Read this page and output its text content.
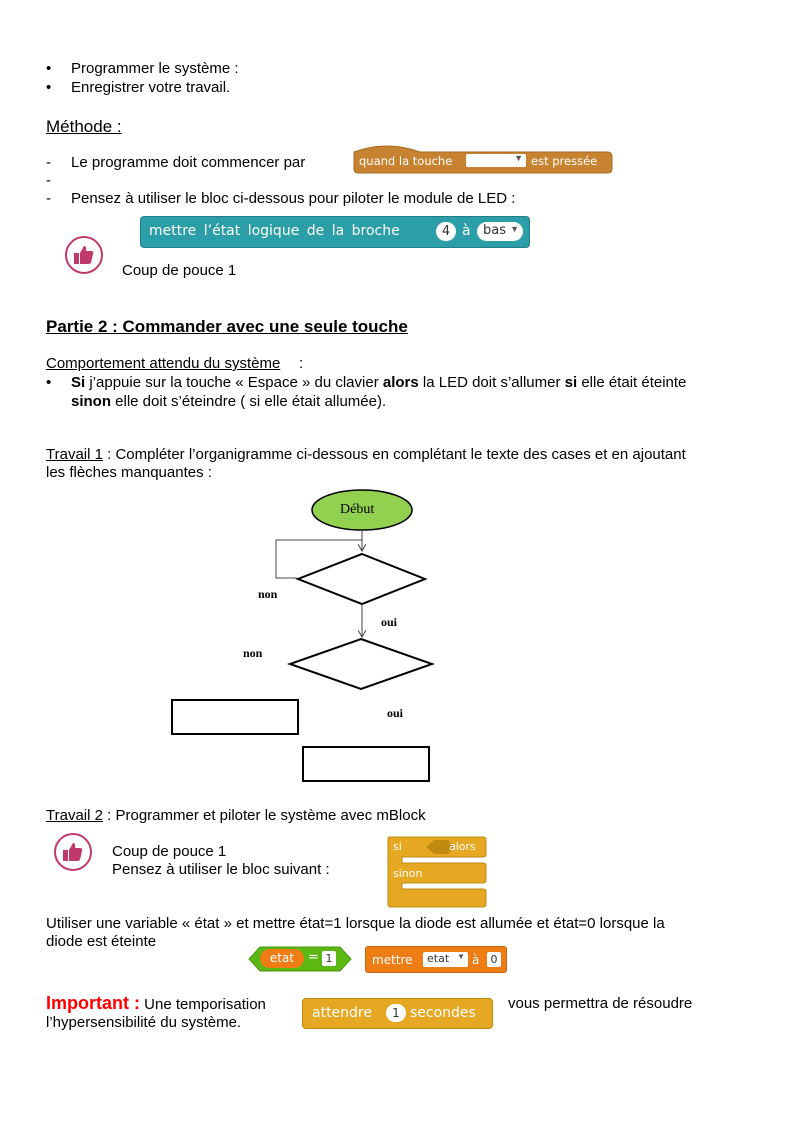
• Programmer le système :
• Enregistrer votre travail.
Méthode :
- Le programme doit commencer par	quand la touche	▼ est pressée
-
- Pensez à utiliser le bloc ci-dessous pour piloter le module de LED :
mettre l’état logique de la broche	4 à bas ▼
Coup de pouce 1
Partie 2 : Commander avec une seule touche
Comportement attendu du système :
• Si j’appuie sur la touche « Espace » du clavier alors la LED doit s’allumer si elle était éteinte
sinon elle doit s’éteindre ( si elle était allumée).
Travail 1 : Compléter l’organigramme ci-dessous en complétant le texte des cases et en ajoutant
les flèches manquantes :
Début
non
oui
non
oui
Travail 2 : Programmer et piloter le système avec mBlock
Coup de pouce 1
Pensez à utiliser le bloc suivant :
si	alors
sinon
Utiliser une variable « état » et mettre état=1 lorsque la diode est allumée et état=0 lorsque la
diode est éteinte
etat	= 1	mettre etat ▼ à	0
Important : Une temporisation
l’hypersensibilité du système.
attendre	1 secondes
vous permettra de résoudre
